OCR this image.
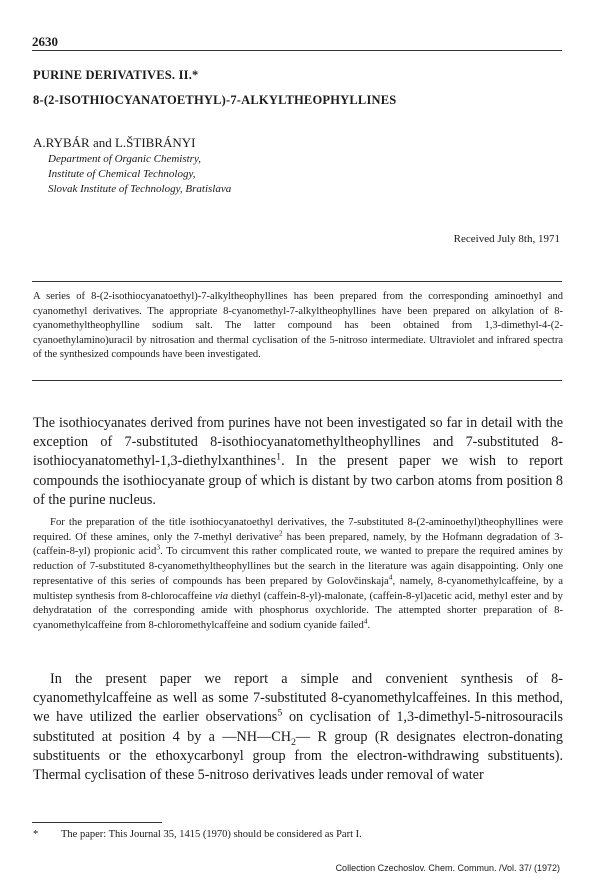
2630
PURINE DERIVATIVES. II.*
8-(2-ISOTHIOCYANATOETHYL)-7-ALKYLTHEOPHYLLINES
A.RYBÁR and L.ŠTIBRÁNYI
Department of Organic Chemistry,
Institute of Chemical Technology,
Slovak Institute of Technology, Bratislava
Received July 8th, 1971
A series of 8-(2-isothiocyanatoethyl)-7-alkyltheophyllines has been prepared from the corresponding aminoethyl and cyanomethyl derivatives. The appropriate 8-cyanomethyl-7-alkyltheophyllines have been prepared on alkylation of 8-cyanomethyltheophylline sodium salt. The latter compound has been obtained from 1,3-dimethyl-4-(2-cyanoethylamino)uracil by nitrosation and thermal cyclisation of the 5-nitroso intermediate. Ultraviolet and infrared spectra of the synthesized compounds have been investigated.
The isothiocyanates derived from purines have not been investigated so far in detail with the exception of 7-substituted 8-isothiocyanatomethyltheophyllines and 7-substituted 8-isothiocyanatomethyl-1,3-diethylxanthines$^1$. In the present paper we wish to report compounds the isothiocyanate group of which is distant by two carbon atoms from position 8 of the purine nucleus.
For the preparation of the title isothiocyanatoethyl derivatives, the 7-substituted 8-(2-aminoethyl)theophyllines were required. Of these amines, only the 7-methyl derivative$^2$ has been prepared, namely, by the Hofmann degradation of 3-(caffein-8-yl) propionic acid$^3$. To circumvent this rather complicated route, we wanted to prepare the required amines by reduction of 7-substituted 8-cyanomethyltheophyllines but the search in the literature was again disappointing. Only one representative of this series of compounds has been prepared by Golovčinskaja$^4$, namely, 8-cyanomethylcaffeine, by a multistep synthesis from 8-chlorocaffeine via diethyl (caffein-8-yl)-malonate, (caffein-8-yl)acetic acid, methyl ester and by dehydratation of the corresponding amide with phosphorus oxychloride. The attempted shorter preparation of 8-cyanomethylcaffeine from 8-chloromethylcaffeine and sodium cyanide failed$^4$.
In the present paper we report a simple and convenient synthesis of 8-cyanomethylcaffeine as well as some 7-substituted 8-cyanomethylcaffeines. In this method, we have utilized the earlier observations$^5$ on cyclisation of 1,3-dimethyl-5-nitrosouracils substituted at position 4 by a $—NH—CH_2—$ R group (R designates electron-donating substituents or the ethoxycarbonyl group from the electron-withdrawing substituents). Thermal cyclisation of these 5-nitroso derivatives leads under removal of water
* The paper: This Journal 35, 1415 (1970) should be considered as Part I.
Collection Czechoslov. Chem. Commun. /Vol. 37/ (1972)
